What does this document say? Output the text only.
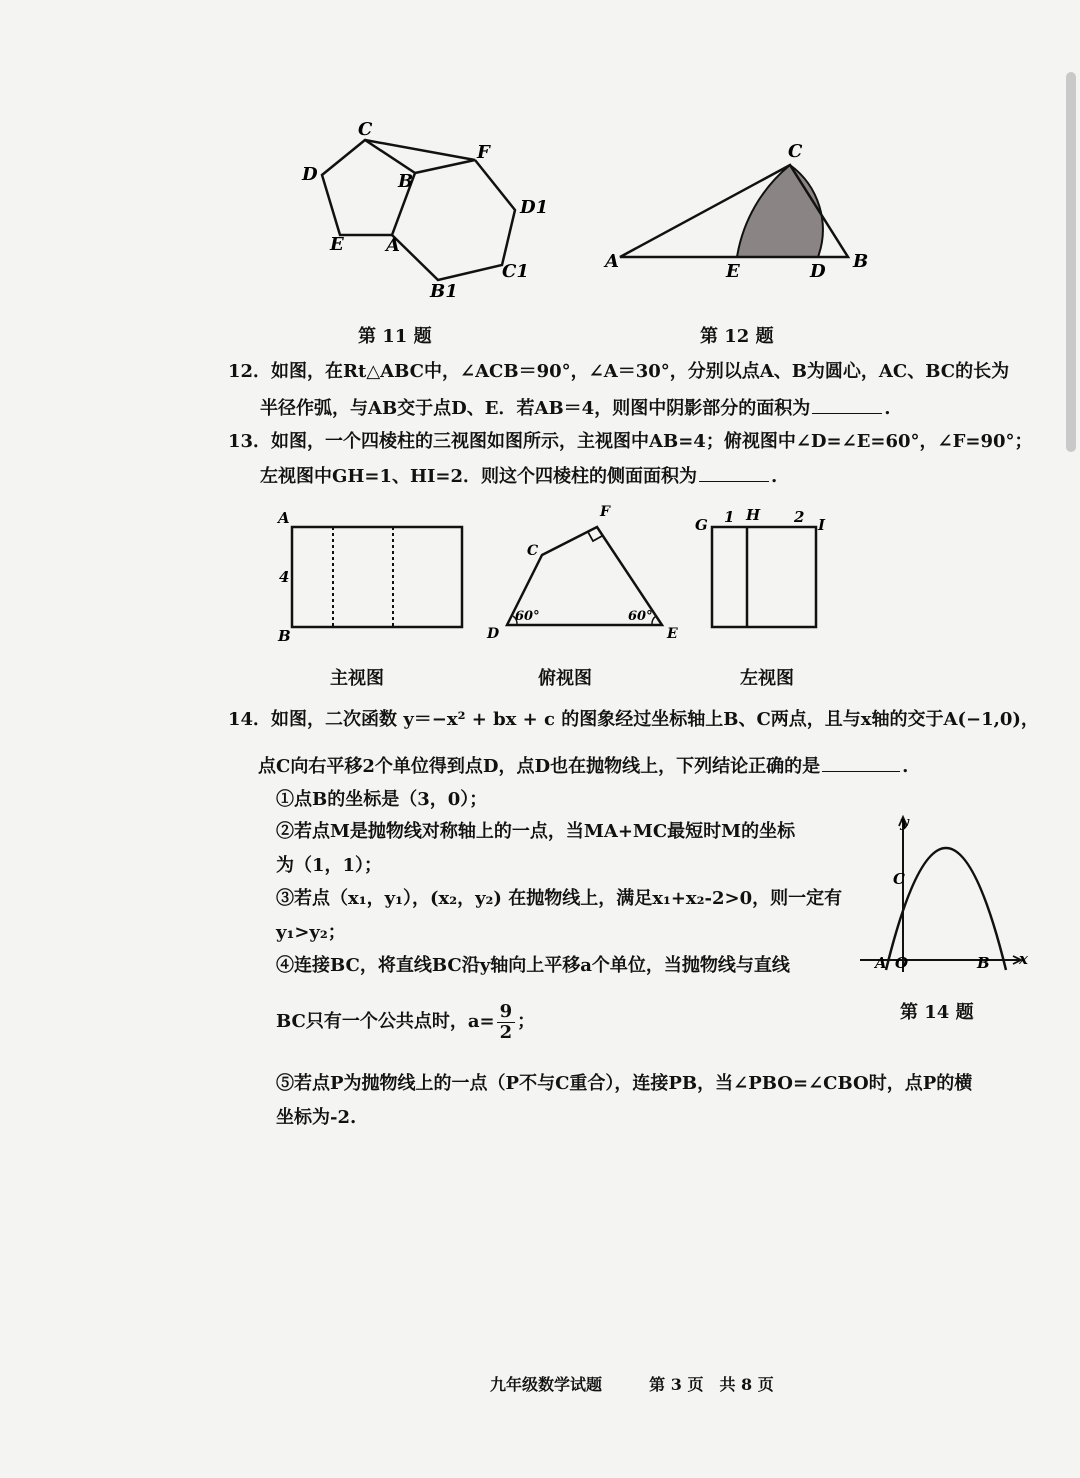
C
D	B
F
D1
E A
C1
B1
第 11 题
C
A	E	D B
第 12 题
12．如图，在Rt△ABC中，∠ACB＝90°，∠A＝30°，分别以点A、B为圆心，AC、BC的长为
半径作弧，与AB交于点D、E．若AB＝4，则图中阴影部分的面积为	.
13．如图，一个四棱柱的三视图如图所示，主视图中AB=4；俯视图中∠D=∠E=60°，∠F=90°；
左视图中GH=1、HI=2．则这个四棱柱的侧面面积为	.
A
4
B
主视图
F
C
60°	60°
D	E
俯视图
G 1 H 2 I
左视图
14．如图，二次函数 y＝−x² + bx + c 的图象经过坐标轴上B、C两点，且与x轴的交于A(−1,0)，
点C向右平移2个单位得到点D，点D也在抛物线上，下列结论正确的是	.
①点B的坐标是（3，0）；
②若点M是抛物线对称轴上的一点，当MA+MC最短时M的坐标
为（1，1）；
③若点（x₁，y₁），(x₂，y₂) 在抛物线上，满足x₁+x₂-2>0，则一定有
y₁>y₂；
④连接BC，将直线BC沿y轴向上平移a个单位，当抛物线与直线
BC只有一个公共点时，$a= \frac{9}{2}$ ；
⑤若点P为抛物线上的一点（P不与C重合），连接PB，当∠PBO=∠CBO时，点P的横
坐标为-2.
y
C
A O	B x
第 14 题
九年级数学试题	第 3 页　共 8 页
